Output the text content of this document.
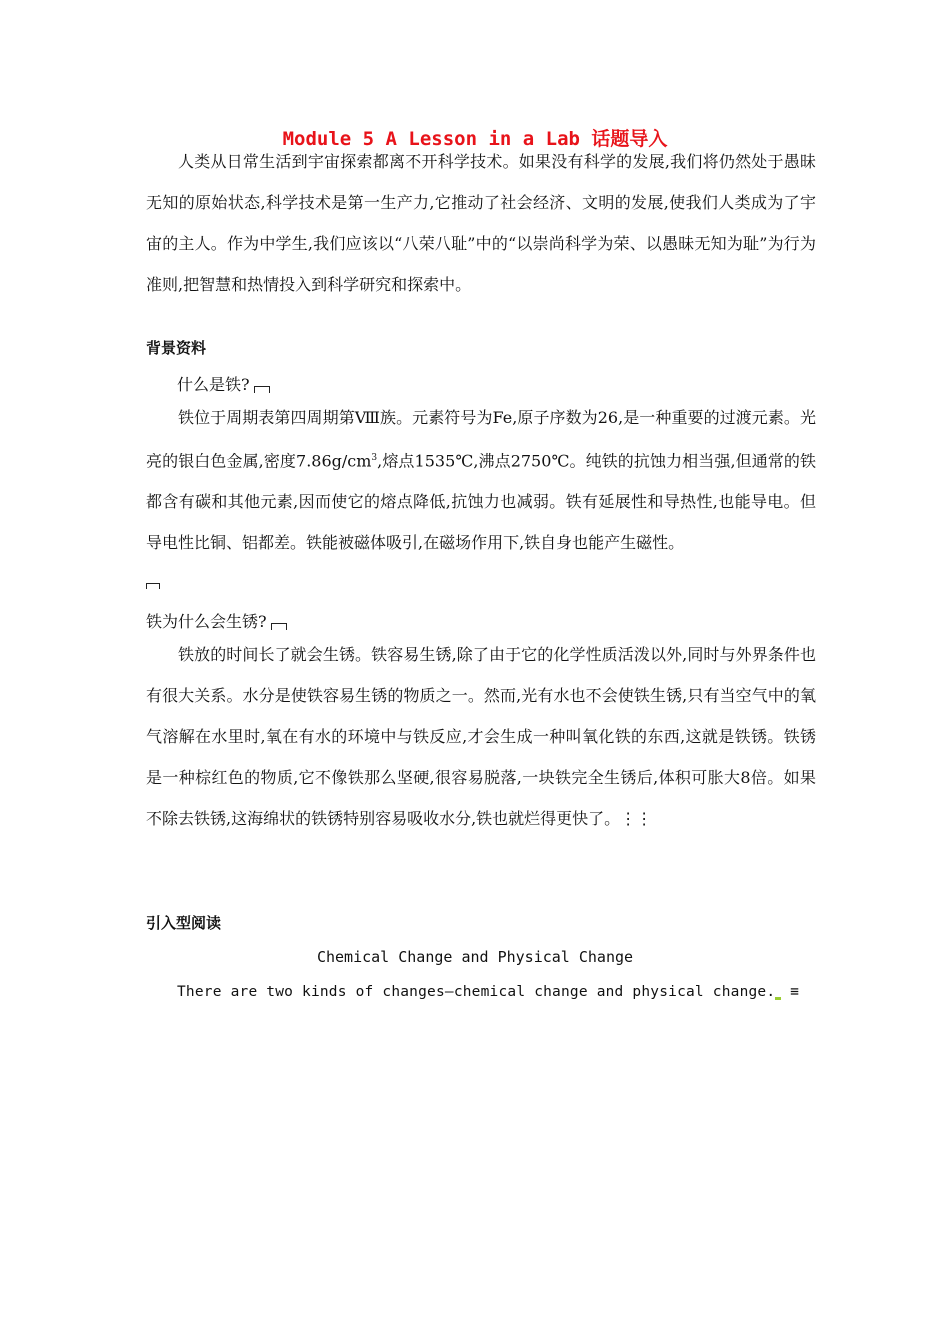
Module 5 A Lesson in a Lab 话题导入

人类从日常生活到宇宙探索都离不开科学技术。如果没有科学的发展,我们将仍然处于愚昧无知的原始状态,科学技术是第一生产力,它推动了社会经济、文明的发展,使我们人类成为了宇宙的主人。作为中学生,我们应该以“八荣八耻”中的“以崇尚科学为荣、以愚昧无知为耻”为行为准则,把智慧和热情投入到科学研究和探索中。

背景资料
什么是铁?

铁位于周期表第四周期第Ⅷ族。元素符号为Fe,原子序数为26,是一种重要的过渡元素。光亮的银白色金属,密度$7.86g/cm^3$,熔点1535℃,沸点2750℃。纯铁的抗蚀力相当强,但通常的铁都含有碳和其他元素,因而使它的熔点降低,抗蚀力也减弱。铁有延展性和导热性,也能导电。但导电性比铜、铝都差。铁能被磁体吸引,在磁场作用下,铁自身也能产生磁性。

铁为什么会生锈?

铁放的时间长了就会生锈。铁容易生锈,除了由于它的化学性质活泼以外,同时与外界条件也有很大关系。水分是使铁容易生锈的物质之一。然而,光有水也不会使铁生锈,只有当空气中的氧气溶解在水里时,氧在有水的环境中与铁反应,才会生成一种叫氧化铁的东西,这就是铁锈。铁锈是一种棕红色的物质,它不像铁那么坚硬,很容易脱落,一块铁完全生锈后,体积可胀大8倍。如果不除去铁锈,这海绵状的铁锈特别容易吸收水分,铁也就烂得更快了。⋮⋮

引入型阅读
Chemical Change and Physical Change
There are two kinds of changes—chemical change and physical change. ≡
